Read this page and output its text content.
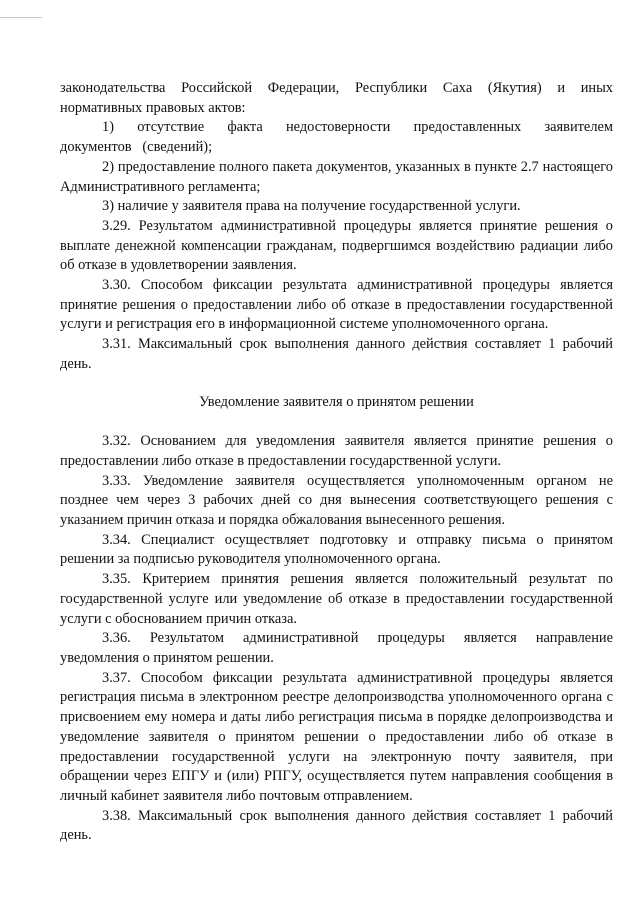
законодательства Российской Федерации, Республики Саха (Якутия) и иных нормативных правовых актов:

1) отсутствие факта недостоверности предоставленных заявителем документов (сведений);

2) предоставление полного пакета документов, указанных в пункте 2.7 настоящего Административного регламента;

3) наличие у заявителя права на получение государственной услуги.

3.29. Результатом административной процедуры является принятие решения о выплате денежной компенсации гражданам, подвергшимся воздействию радиации либо об отказе в удовлетворении заявления.

3.30. Способом фиксации результата административной процедуры является принятие решения о предоставлении либо об отказе в предоставлении государственной услуги и регистрация его в информационной системе уполномоченного органа.

3.31. Максимальный срок выполнения данного действия составляет 1 рабочий день.

Уведомление заявителя о принятом решении

3.32. Основанием для уведомления заявителя является принятие решения о предоставлении либо отказе в предоставлении государственной услуги.

3.33. Уведомление заявителя осуществляется уполномоченным органом не позднее чем через 3 рабочих дней со дня вынесения соответствующего решения с указанием причин отказа и порядка обжалования вынесенного решения.

3.34. Специалист осуществляет подготовку и отправку письма о принятом решении за подписью руководителя уполномоченного органа.

3.35. Критерием принятия решения является положительный результат по государственной услуге или уведомление об отказе в предоставлении государственной услуги с обоснованием причин отказа.

3.36. Результатом административной процедуры является направление уведомления о принятом решении.

3.37. Способом фиксации результата административной процедуры является регистрация письма в электронном реестре делопроизводства уполномоченного органа с присвоением ему номера и даты либо регистрация письма в порядке делопроизводства и уведомление заявителя о принятом решении о предоставлении либо об отказе в предоставлении государственной услуги на электронную почту заявителя, при обращении через ЕПГУ и (или) РПГУ, осуществляется путем направления сообщения в личный кабинет заявителя либо почтовым отправлением.

3.38. Максимальный срок выполнения данного действия составляет 1 рабочий день.
